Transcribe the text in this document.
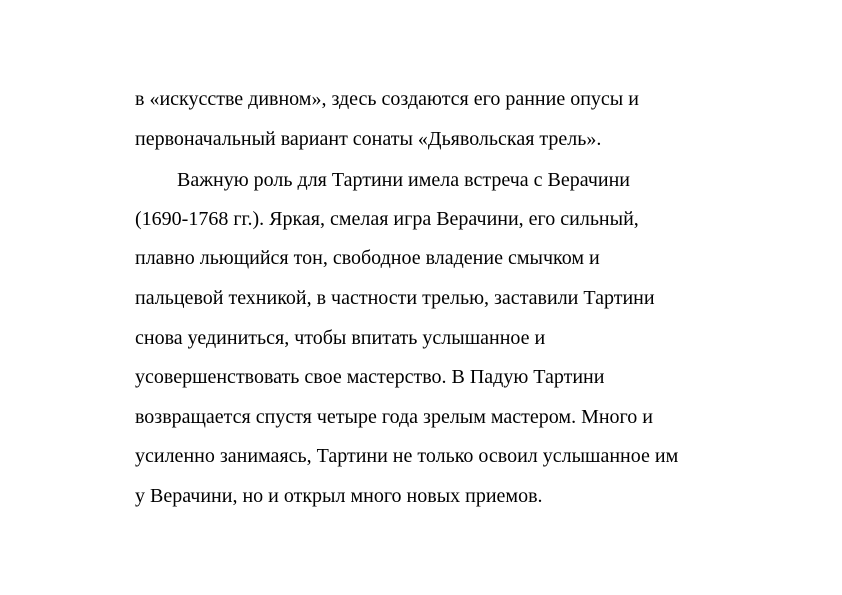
в «искусстве дивном», здесь создаются его ранние опусы и
первоначальный вариант сонаты «Дьявольская трель».
Важную роль для Тартини имела встреча с Верачини
(1690-1768 гг.). Яркая, смелая игра Верачини, его сильный,
плавно льющийся тон, свободное владение смычком и
пальцевой техникой, в частности трелью, заставили Тартини
снова уединиться, чтобы впитать услышанное и
усовершенствовать свое мастерство. В Падую Тартини
возвращается спустя четыре года зрелым мастером. Много и
усиленно занимаясь, Тартини не только освоил услышанное им
у Верачини, но и открыл много новых приемов.
